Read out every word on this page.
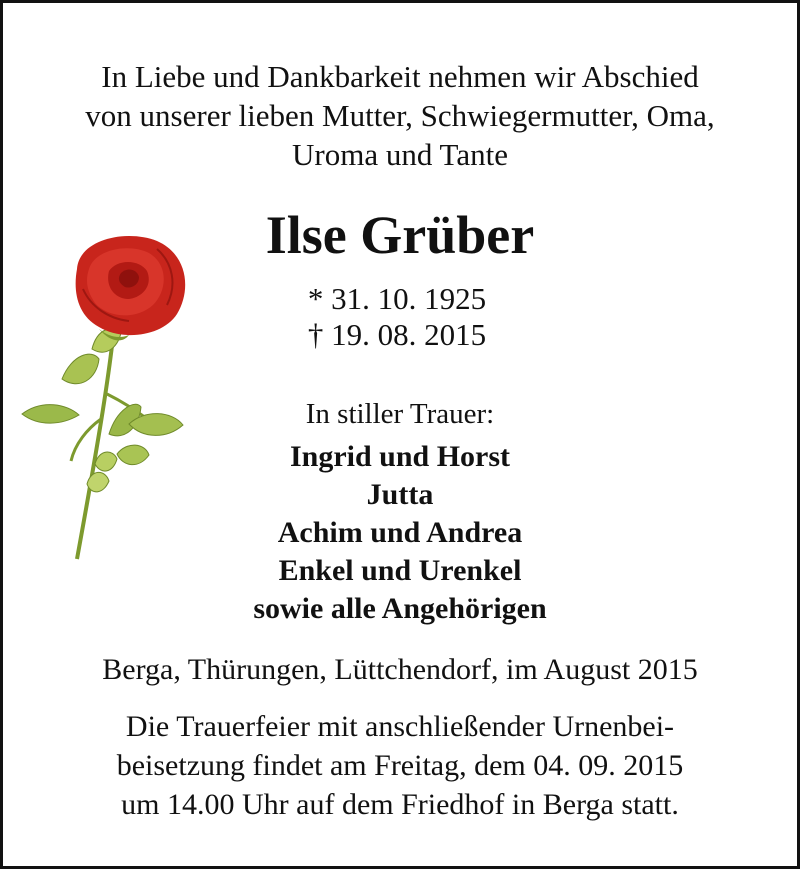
In Liebe und Dankbarkeit nehmen wir Abschied
von unserer lieben Mutter, Schwiegermutter, Oma,
Uroma und Tante
Ilse Grüber
* 31. 10. 1925
† 19. 08. 2015
In stiller Trauer:
Ingrid und Horst
Jutta
Achim und Andrea
Enkel und Urenkel
sowie alle Angehörigen
Berga, Thürungen, Lüttchendorf, im August 2015
Die Trauerfeier mit anschließender Urnenbei-
beisetzung findet am Freitag, dem 04. 09. 2015
um 14.00 Uhr auf dem Friedhof in Berga statt.
